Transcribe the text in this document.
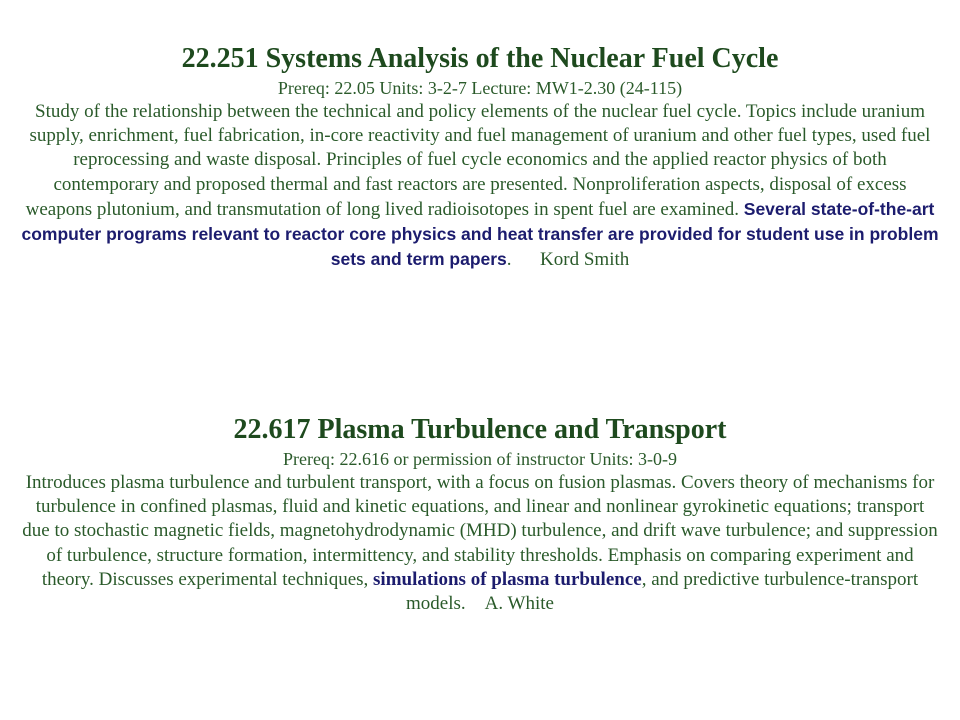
22.251 Systems Analysis of the Nuclear Fuel Cycle
Prereq: 22.05 Units: 3-2-7 Lecture: MW1-2.30 (24-115)
Study of the relationship between the technical and policy elements of the nuclear fuel cycle. Topics include uranium supply, enrichment, fuel fabrication, in-core reactivity and fuel management of uranium and other fuel types, used fuel reprocessing and waste disposal. Principles of fuel cycle economics and the applied reactor physics of both contemporary and proposed thermal and fast reactors are presented. Nonproliferation aspects, disposal of excess weapons plutonium, and transmutation of long lived radioisotopes in spent fuel are examined. Several state-of-the-art computer programs relevant to reactor core physics and heat transfer are provided for student use in problem sets and term papers. Kord Smith
22.617 Plasma Turbulence and Transport
Prereq: 22.616 or permission of instructor Units: 3-0-9
Introduces plasma turbulence and turbulent transport, with a focus on fusion plasmas. Covers theory of mechanisms for turbulence in confined plasmas, fluid and kinetic equations, and linear and nonlinear gyrokinetic equations; transport due to stochastic magnetic fields, magnetohydrodynamic (MHD) turbulence, and drift wave turbulence; and suppression of turbulence, structure formation, intermittency, and stability thresholds. Emphasis on comparing experiment and theory. Discusses experimental techniques, simulations of plasma turbulence, and predictive turbulence-transport models. A. White
